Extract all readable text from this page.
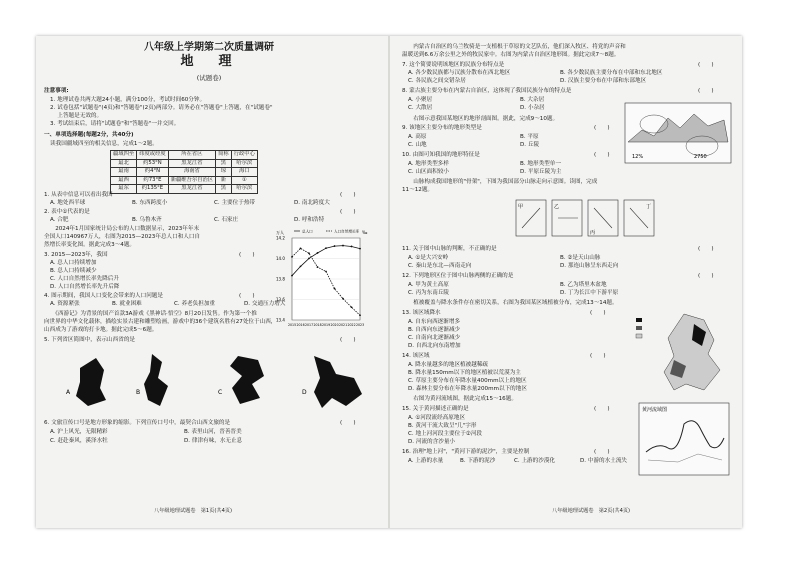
八年级上学期第二次质量调研
地　理
(试题卷)
注意事项:
1. 地理试卷共两大题24小题，满分100分，考试时间60分钟。
2. 试卷包括"试题卷"(4页)和"答题卷"(2页)两部分。请务必在"答题卷"上答题，在"试题卷"
　 上答题是无效的。
3. 考试结束后，请将"试题卷"和"答题卷"一并交回。
一、单项选择题(每题2分，共40分)
读我国疆域四至的相关信息，完成1～2题。
疆域四至	纬度或经度	所在省区	简称	行政中心
最北	约53°N	黑龙江省	黑	哈尔滨
最南	约4°N	海南省	琼	海口
最西	约73°E	新疆维吾尔自治区	新	①
最东	约135°E	黑龙江省	黑	哈尔滨
1. 从表中信息可以看出我国	(　　)
A. 地处西半球	B. 东西跨度小	C. 主要位于热带	D. 南北跨度大
2. 表中①代表的是	(　　)
A. 合肥	B. 乌鲁木齐	C. 石家庄	D. 呼和浩特
　　2024年1月国家统计局公布的人口数据显示，2023年年末
全国人口140967万人，右图为2015—2023年总人口和人口自
然增长率变化图。据此完成3～4题。
14.2
14.0
13.8
13.6
13.4
2015 2016 2017 2018 2019 2020 2021 2022 2023
万人	‰
总人口	人口自然增长率
3. 2015—2023年，我国	(　　)
A. 总人口持续增加
B. 总人口持续减少
C. 人口自然增长率先降后升
D. 人口自然增长率先升后降
4. 图示期间，我国人口变化会带来的人口问题是	(　　)
A. 资源紧张	B. 就业困难	C. 养老负担加重	D. 交通压力增大
　　《西游记》为背景的国产首款3A游戏《黑神话·悟空》8月20日发售。作为第一个推
向世界的中华文化载体，描绘实景古建和雕塑绘画，游戏中的36个建筑名胜有27处位于山西，
山西成为了游戏的打卡地。据此完成5～6题。
5. 下列省区简图中，表示山西省的是	(　　)
A	B	C	D
6. 文旅宣传口号是地方形象的缩影。下列宣传口号中，最契合山西文旅的是	(　　)
A. 沪上风光，无限精彩	B. 表里山河，晋善晋美
C. 赶赴秦风，溪泽水牡	D. 律津有味，水无止息
八年级地理试题卷　第1页(共4页)
　　内蒙古自治区的乌兰牧骑是一支植根于草原的文艺队伍，他们深入牧区、将党的声音和
温暖送到6.6万余公里之外的牧民家中。右图为内蒙古自治区地形图。据此完成7～8题。
7. 这个简要说明该地区的民族分布特点是	(　　)
A. 各少数民族都与汉族分散布在西北地区	B. 各少数民族主要分布在中部和东北地区
C. 各民族之间交错杂居	D. 汉族主要分布在中部和东部地区
8. 蒙古族主要分布在内蒙古自治区，这体现了我国民族分布的特点是	(　　)
A. 小聚居	B. 大杂居
C. 大散居	D. 小杂居
2750
12%
　　右图示意我国某地区的地形剖面图。据此，完成9～10题。
9. 该地区主要分布的地形类型是	(　　)
A. 高原	B. 平原
C. 山地	D. 丘陵
10. 由图可知我国的地形特征是	(　　)
A. 地形类型多样	B. 地形类型单一
C. 山区面积较小	D. 平原丘陵为主
　　山脉构成我国地形的"骨架"，下图为我国部分山脉走向示意图。读图，完成
11～12题。
甲	乙
丙
丁
11. 关于图中山脉的判断，不正确的是	(　　)
A. ①是大兴安岭	B. ②是天山山脉
C. 秦山是东北—西南走向	D. 那连山脉呈东西走向
12. 下列地形区位于图中山脉两侧的正确的是	(　　)
A. 甲为黄土高原	B. 乙为塔里木盆地
C. 丙为东南丘陵	D. 丁为长江中下游平原
　　植被覆盖与降水条件存在密切关系，右图为我国某区域植被分布，完成13～14题。
13. 该区域降水	(　　)
A. 自东向西逐渐增多
B. 自西向东逐渐减少
C. 自南向北逐渐减少
D. 自西北向东南增加
14. 该区域	(　　)
A. 降水量越多的地区植被越稀疏
B. 降水量150mm以下的地区植被以荒漠为主
C. 草原主要分布在年降水量400mm以上的地区
D. 森林主要分布在年降水量200mm以下的地区
　　右图为黄河流域图，据此完成15～16题。
黄河流域图
15. 关于黄河描述正确的是	(　　)
A. ①河段流经高原地区
B. 黄河干流大致呈"几"字形
C. 地上河河段主要位于②河段
D. 河流的含沙量小
16. 治理"地上河"，"黄河下游的泥沙"，主要是控制	(　　)
A. 上游的水量	B. 下游的泥沙	C. 上游的沙漠化	D. 中游的水土流失
八年级地理试题卷　第2页(共4页)
